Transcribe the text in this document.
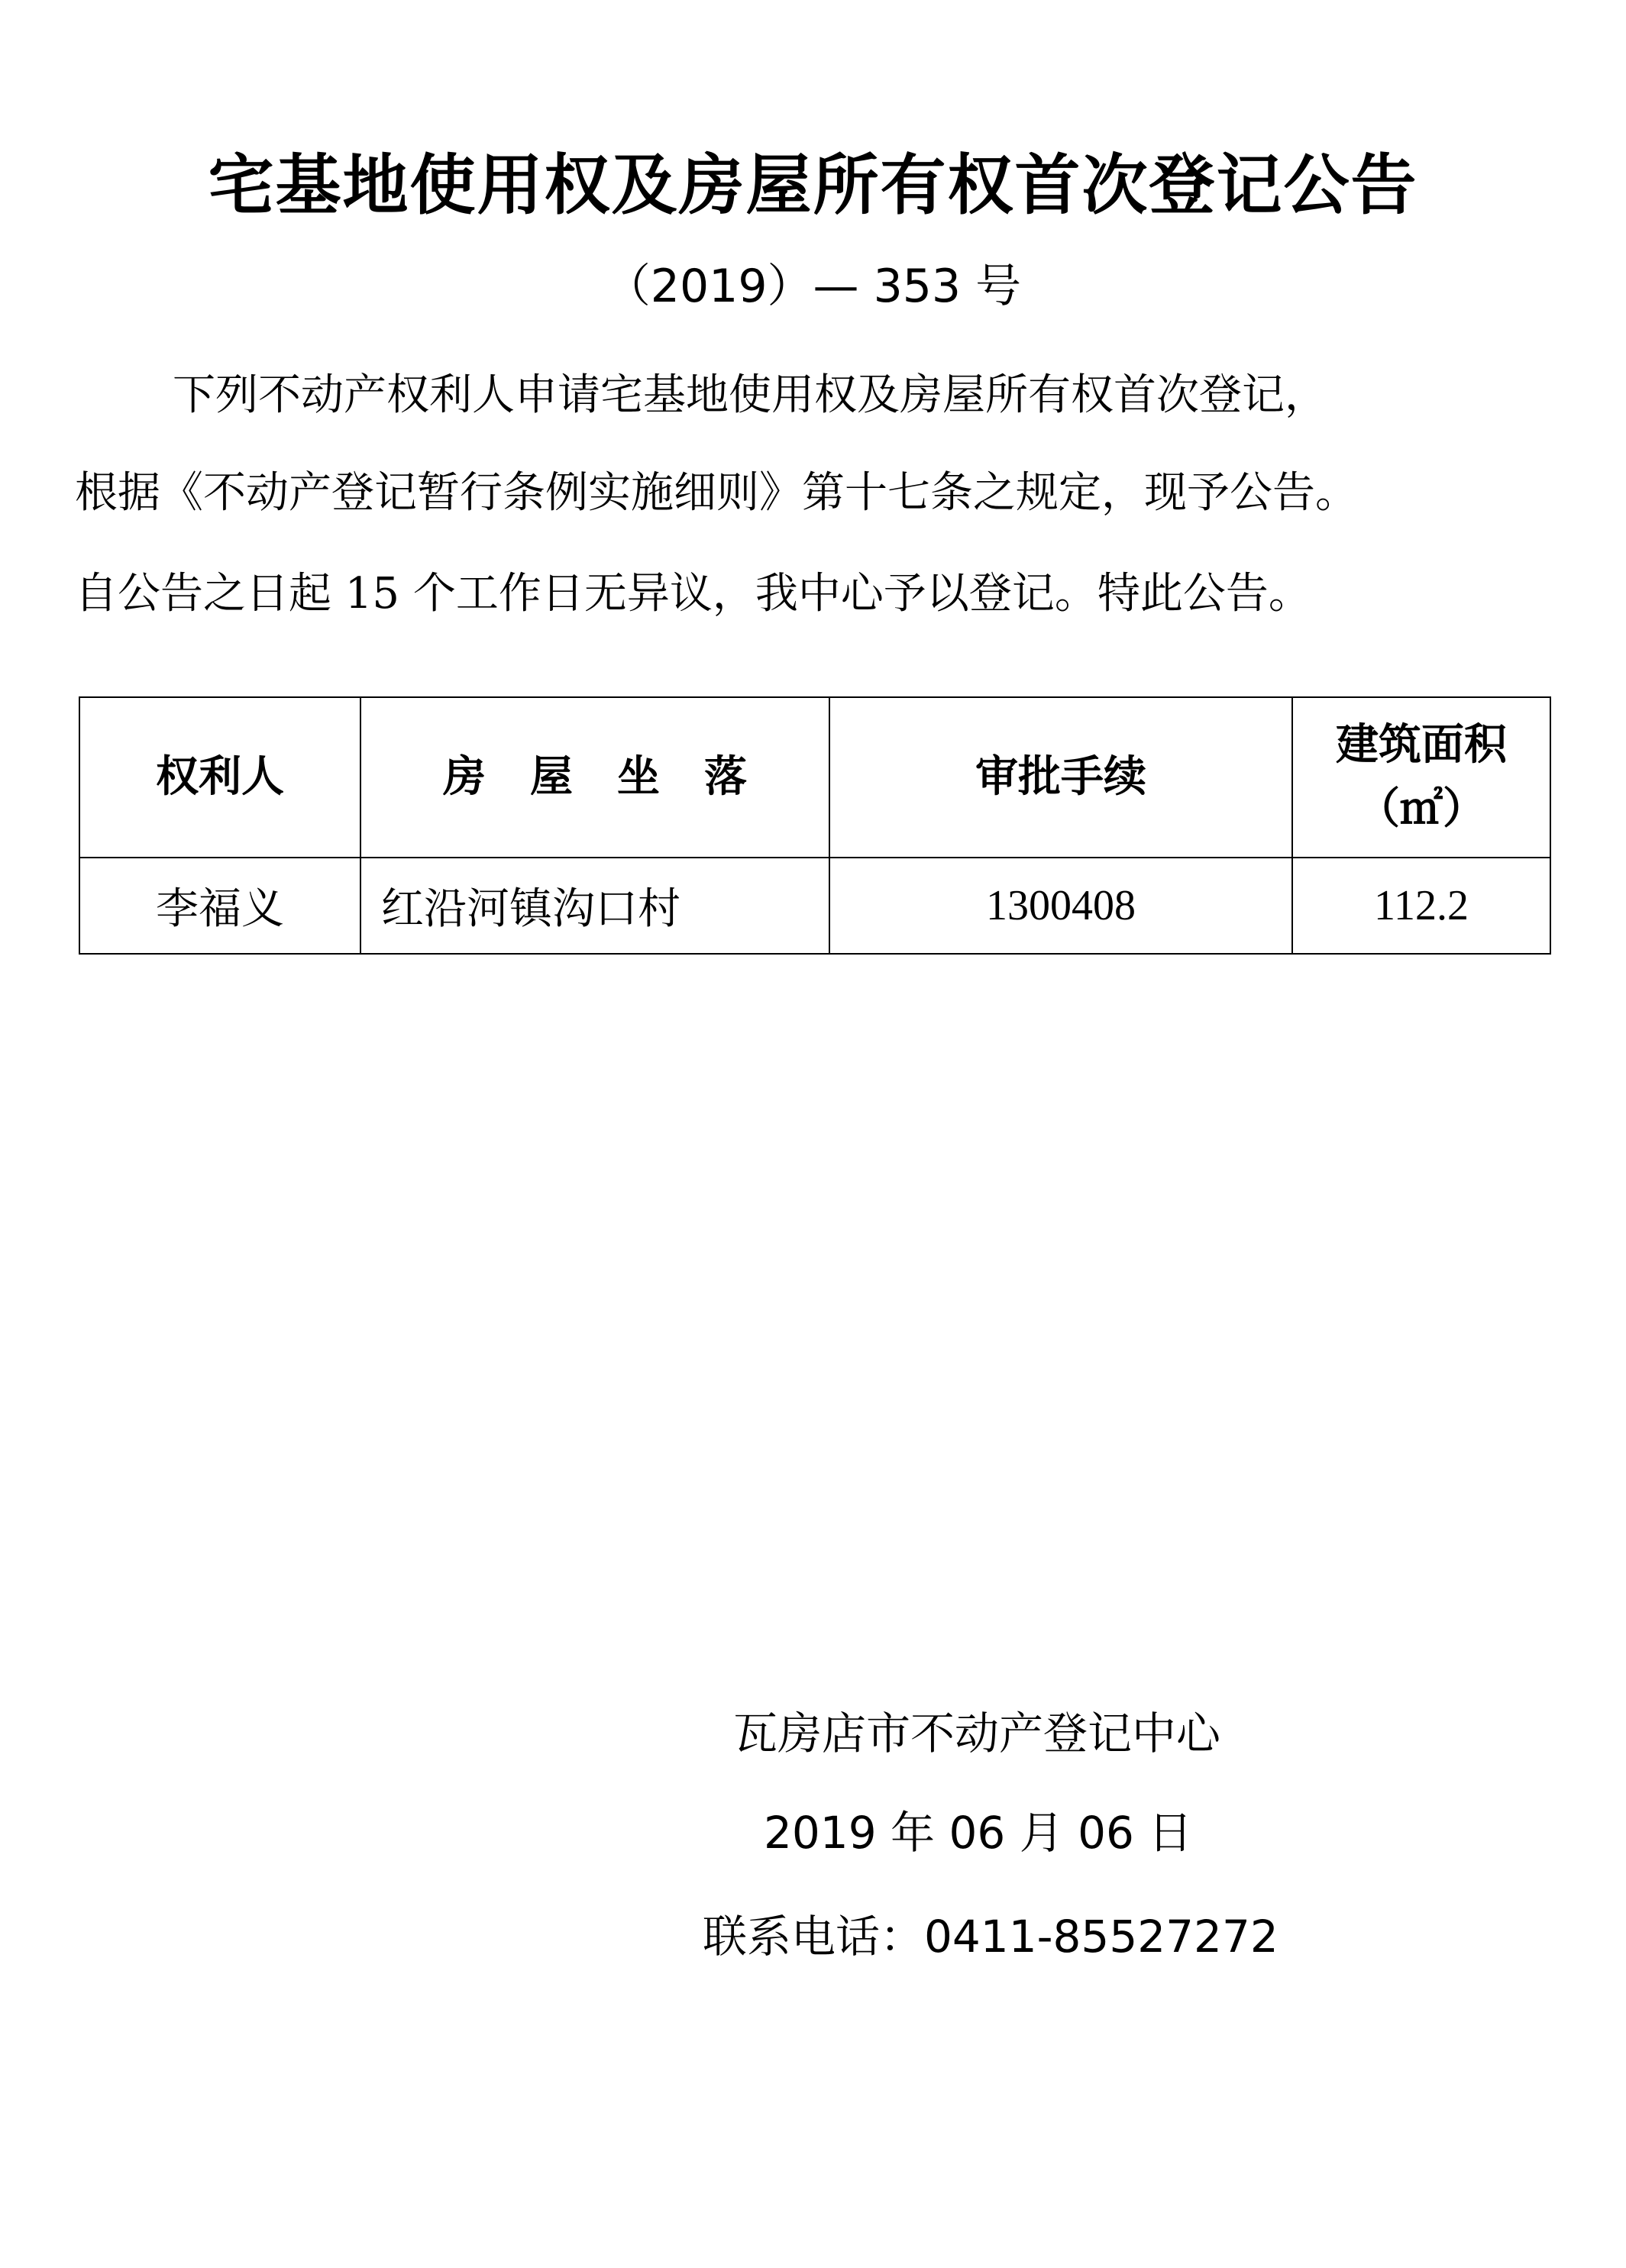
宅基地使用权及房屋所有权首次登记公告
（2019）— 353 号
下列不动产权利人申请宅基地使用权及房屋所有权首次登记，
根据《不动产登记暂行条例实施细则》第十七条之规定，现予公告。
自公告之日起 15 个工作日无异议，我中心予以登记。特此公告。
权利人	房屋坐落	审批手续	建筑面积
（㎡）

李福义	红沿河镇沟口村	1300408	112.2
瓦房店市不动产登记中心
2019 年 06 月 06 日
联系电话：0411-85527272
